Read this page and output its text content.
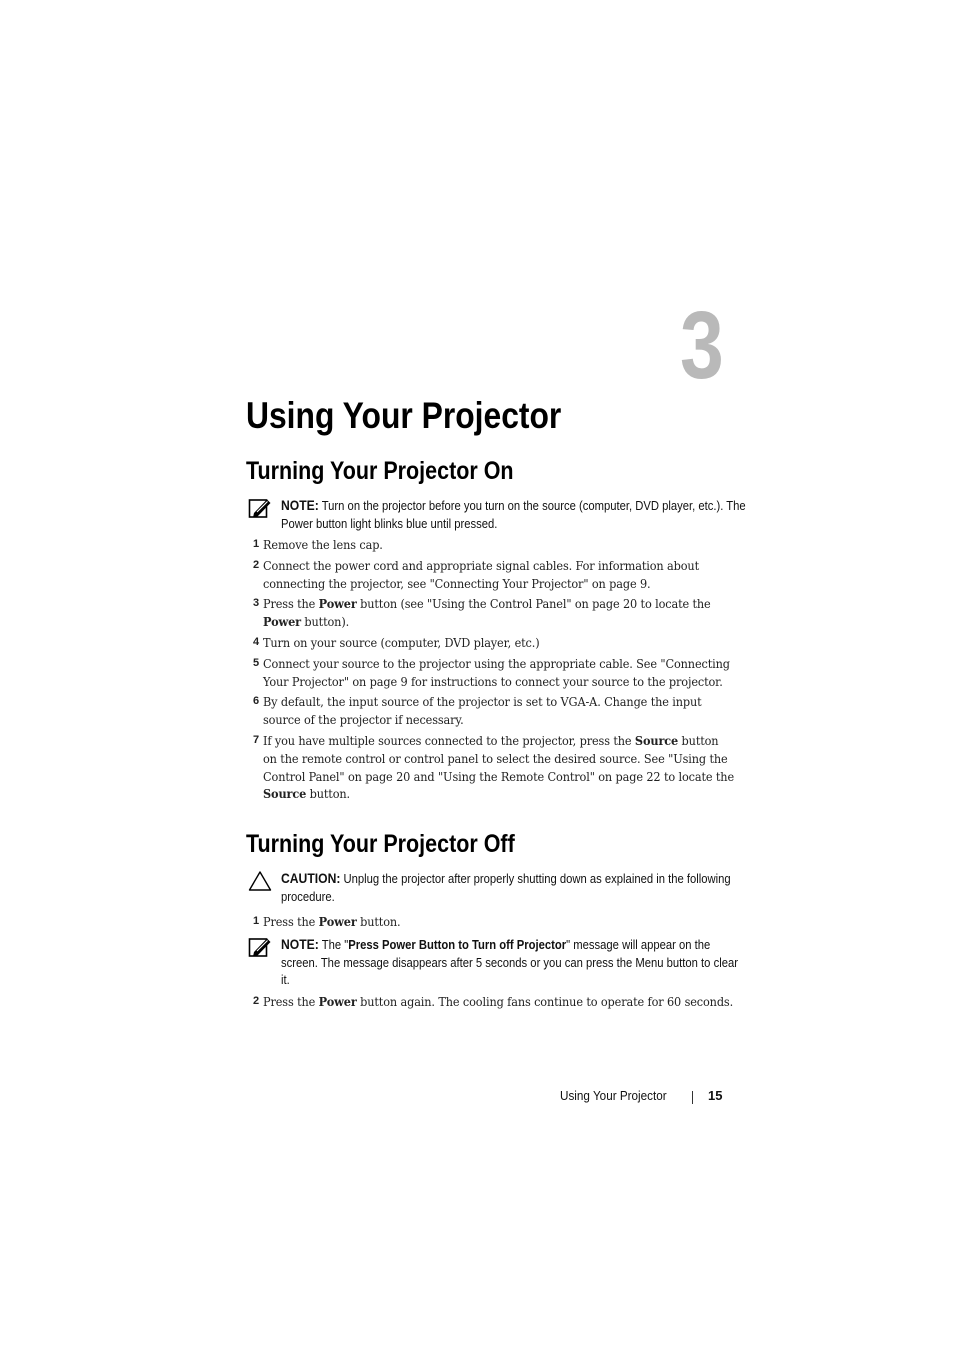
3
Using Your Projector
Turning Your Projector On
NOTE: Turn on the projector before you turn on the source (computer, DVD player, etc.). The Power button light blinks blue until pressed.
1 Remove the lens cap.
2 Connect the power cord and appropriate signal cables. For information about connecting the projector, see "Connecting Your Projector" on page 9.
3 Press the Power button (see "Using the Control Panel" on page 20 to locate the Power button).
4 Turn on your source (computer, DVD player, etc.)
5 Connect your source to the projector using the appropriate cable. See "Connecting Your Projector" on page 9 for instructions to connect your source to the projector.
6 By default, the input source of the projector is set to VGA-A. Change the input source of the projector if necessary.
7 If you have multiple sources connected to the projector, press the Source button on the remote control or control panel to select the desired source. See "Using the Control Panel" on page 20 and "Using the Remote Control" on page 22 to locate the Source button.
Turning Your Projector Off
CAUTION: Unplug the projector after properly shutting down as explained in the following procedure.
1 Press the Power button.
NOTE: The "Press Power Button to Turn off Projector" message will appear on the screen. The message disappears after 5 seconds or you can press the Menu button to clear it.
2 Press the Power button again. The cooling fans continue to operate for 60 seconds.
Using Your Projector	15
